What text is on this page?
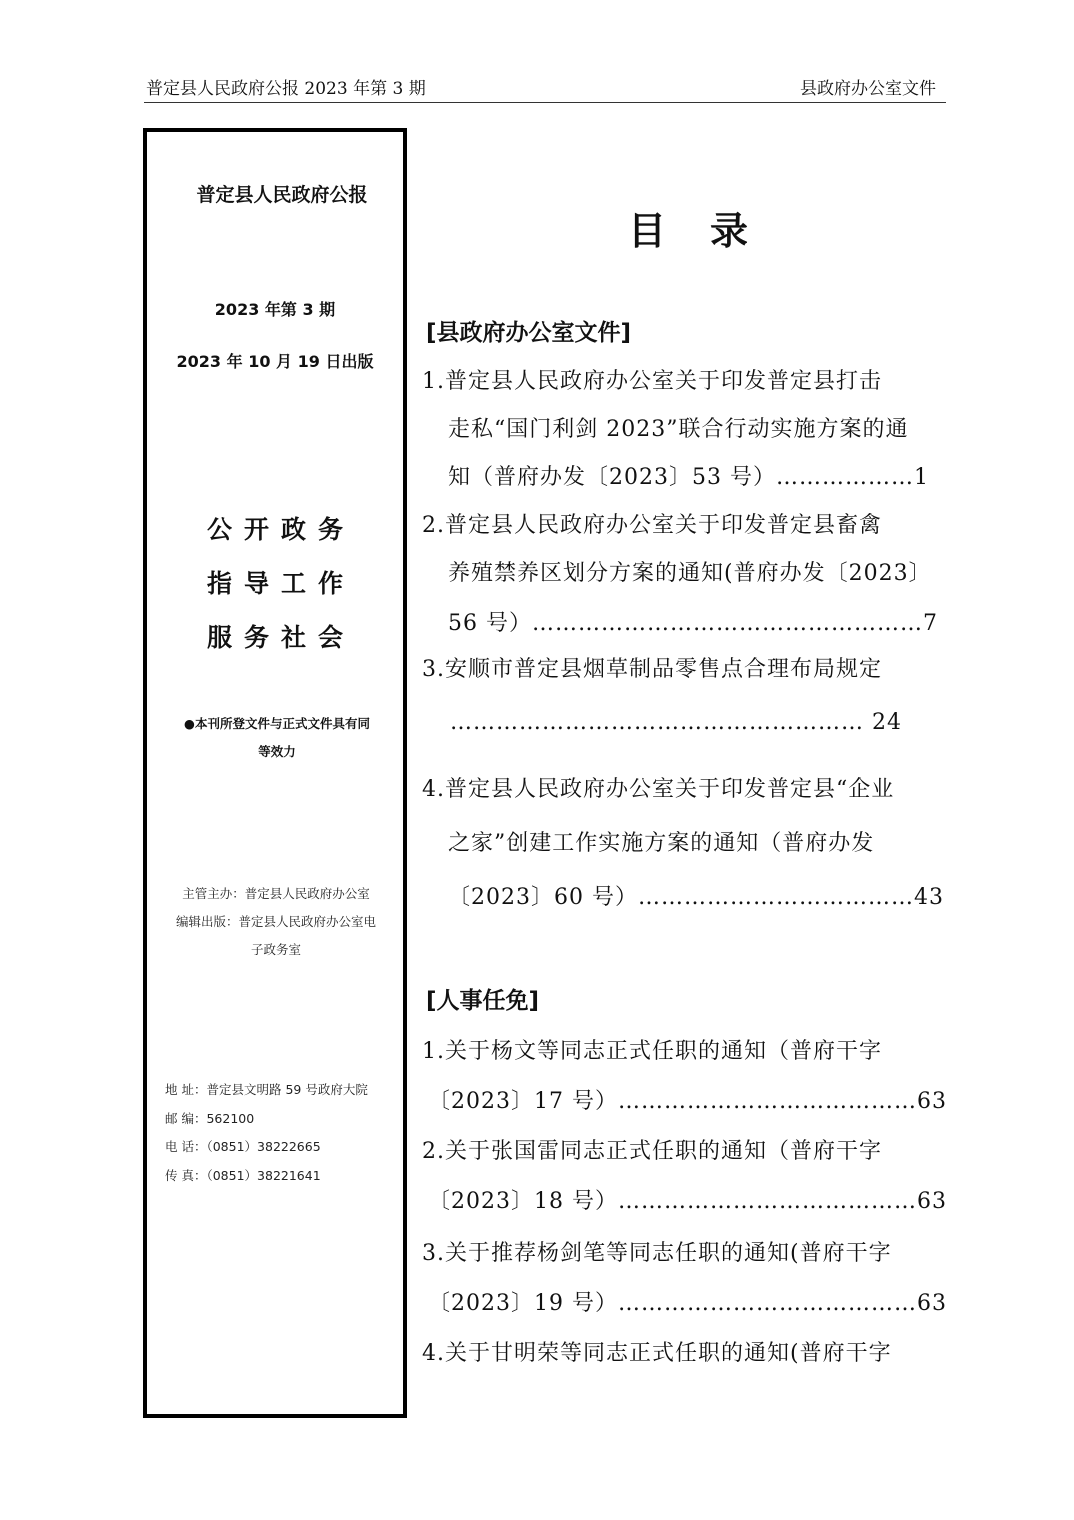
普定县人民政府公报 2023 年第 3 期	县政府办公室文件
普定县人民政府公报
2023 年第 3 期
2023 年 10 月 19 日出版
公开政务
指导工作
服务社会
●本刊所登文件与正式文件具有同
等效力
主管主办：普定县人民政府办公室
编辑出版：普定县人民政府办公室电
子政务室
地 址：普定县文明路 59 号政府大院
邮 编：562100
电 话：（0851）38222665
传 真：（0851）38221641
目录
[县政府办公室文件]
1.普定县人民政府办公室关于印发普定县打击
走私“国门利剑 2023”联合行动实施方案的通
知（普府办发〔2023〕53 号）………………1
2.普定县人民政府办公室关于印发普定县畜禽
养殖禁养区划分方案的通知(普府办发〔2023〕
56 号）……………………………………………7
3.安顺市普定县烟草制品零售点合理布局规定
……………………………………………… 24
4.普定县人民政府办公室关于印发普定县“企业
之家”创建工作实施方案的通知（普府办发
〔2023〕60 号）………………………………43
[人事任免]
1.关于杨文等同志正式任职的通知（普府干字
〔2023〕17 号）…………………………………63
2.关于张国雷同志正式任职的通知（普府干字
〔2023〕18 号）…………………………………63
3.关于推荐杨剑笔等同志任职的通知(普府干字
〔2023〕19 号）…………………………………63
4.关于甘明荣等同志正式任职的通知(普府干字
